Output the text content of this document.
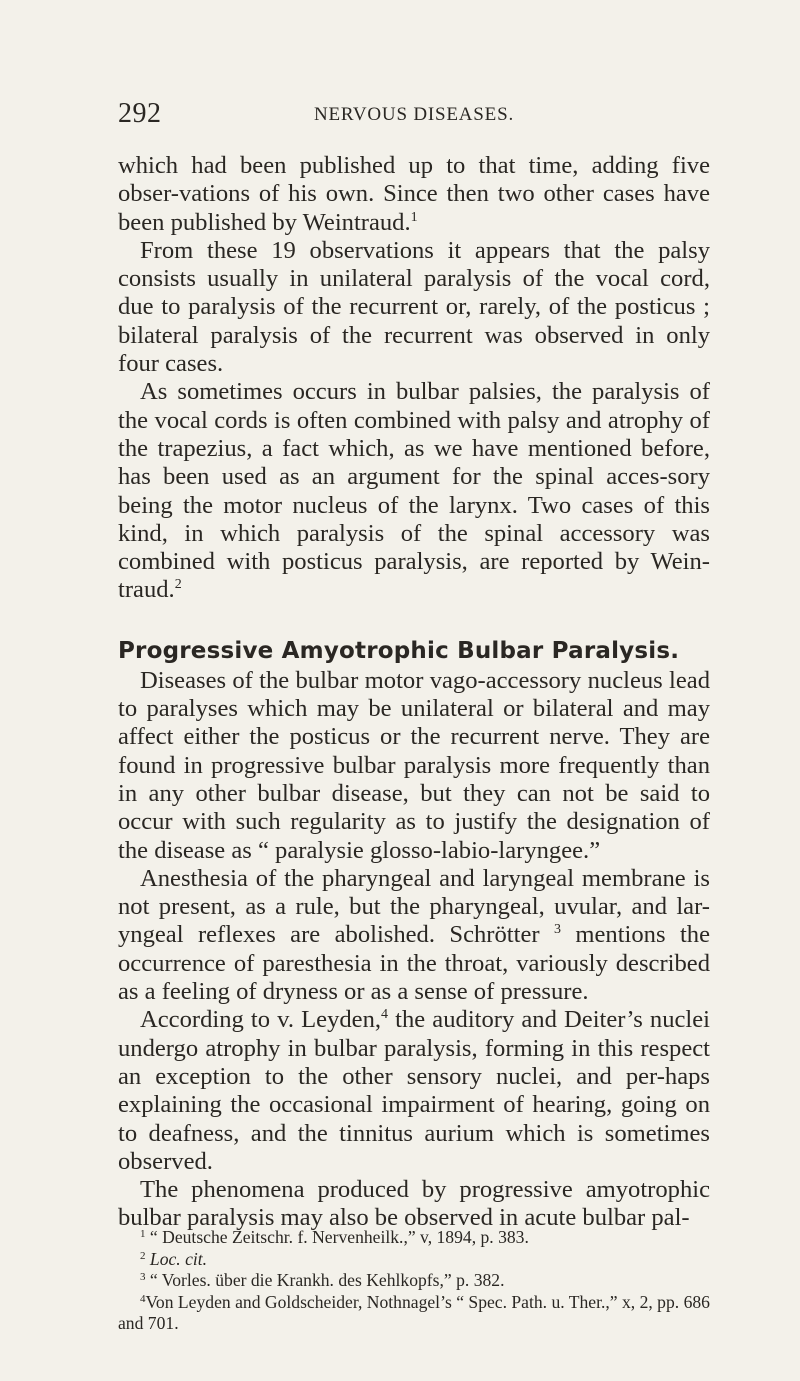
292	NERVOUS DISEASES.

which had been published up to that time, adding five obser-vations of his own. Since then two other cases have been published by Weintraud.$^1$

From these 19 observations it appears that the palsy consists usually in unilateral paralysis of the vocal cord, due to paralysis of the recurrent or, rarely, of the posticus ; bilateral paralysis of the recurrent was observed in only four cases.

As sometimes occurs in bulbar palsies, the paralysis of the vocal cords is often combined with palsy and atrophy of the trapezius, a fact which, as we have mentioned before, has been used as an argument for the spinal acces-sory being the motor nucleus of the larynx. Two cases of this kind, in which paralysis of the spinal accessory was combined with posticus paralysis, are reported by Wein-traud.$^2$

Progressive Amyotrophic Bulbar Paralysis.

Diseases of the bulbar motor vago-accessory nucleus lead to paralyses which may be unilateral or bilateral and may affect either the posticus or the recurrent nerve. They are found in progressive bulbar paralysis more frequently than in any other bulbar disease, but they can not be said to occur with such regularity as to justify the designation of the disease as “ paralysie glosso-labio-laryngee.”

Anesthesia of the pharyngeal and laryngeal membrane is not present, as a rule, but the pharyngeal, uvular, and lar-yngeal reflexes are abolished. Schrötter $^3$ mentions the occurrence of paresthesia in the throat, variously described as a feeling of dryness or as a sense of pressure.

According to v. Leyden,$^4$ the auditory and Deiter’s nuclei undergo atrophy in bulbar paralysis, forming in this respect an exception to the other sensory nuclei, and per-haps explaining the occasional impairment of hearing, going on to deafness, and the tinnitus aurium which is sometimes observed.

The phenomena produced by progressive amyotrophic bulbar paralysis may also be observed in acute bulbar pal-

$^1$ “ Deutsche Zeitschr. f. Nervenheilk.,” v, 1894, p. 383.

$^2$ Loc. cit.

$^3$ “ Vorles. über die Krankh. des Kehlkopfs,” p. 382.

$^4$Von Leyden and Goldscheider, Nothnagel’s “ Spec. Path. u. Ther.,” x, 2, pp. 686 and 701.
